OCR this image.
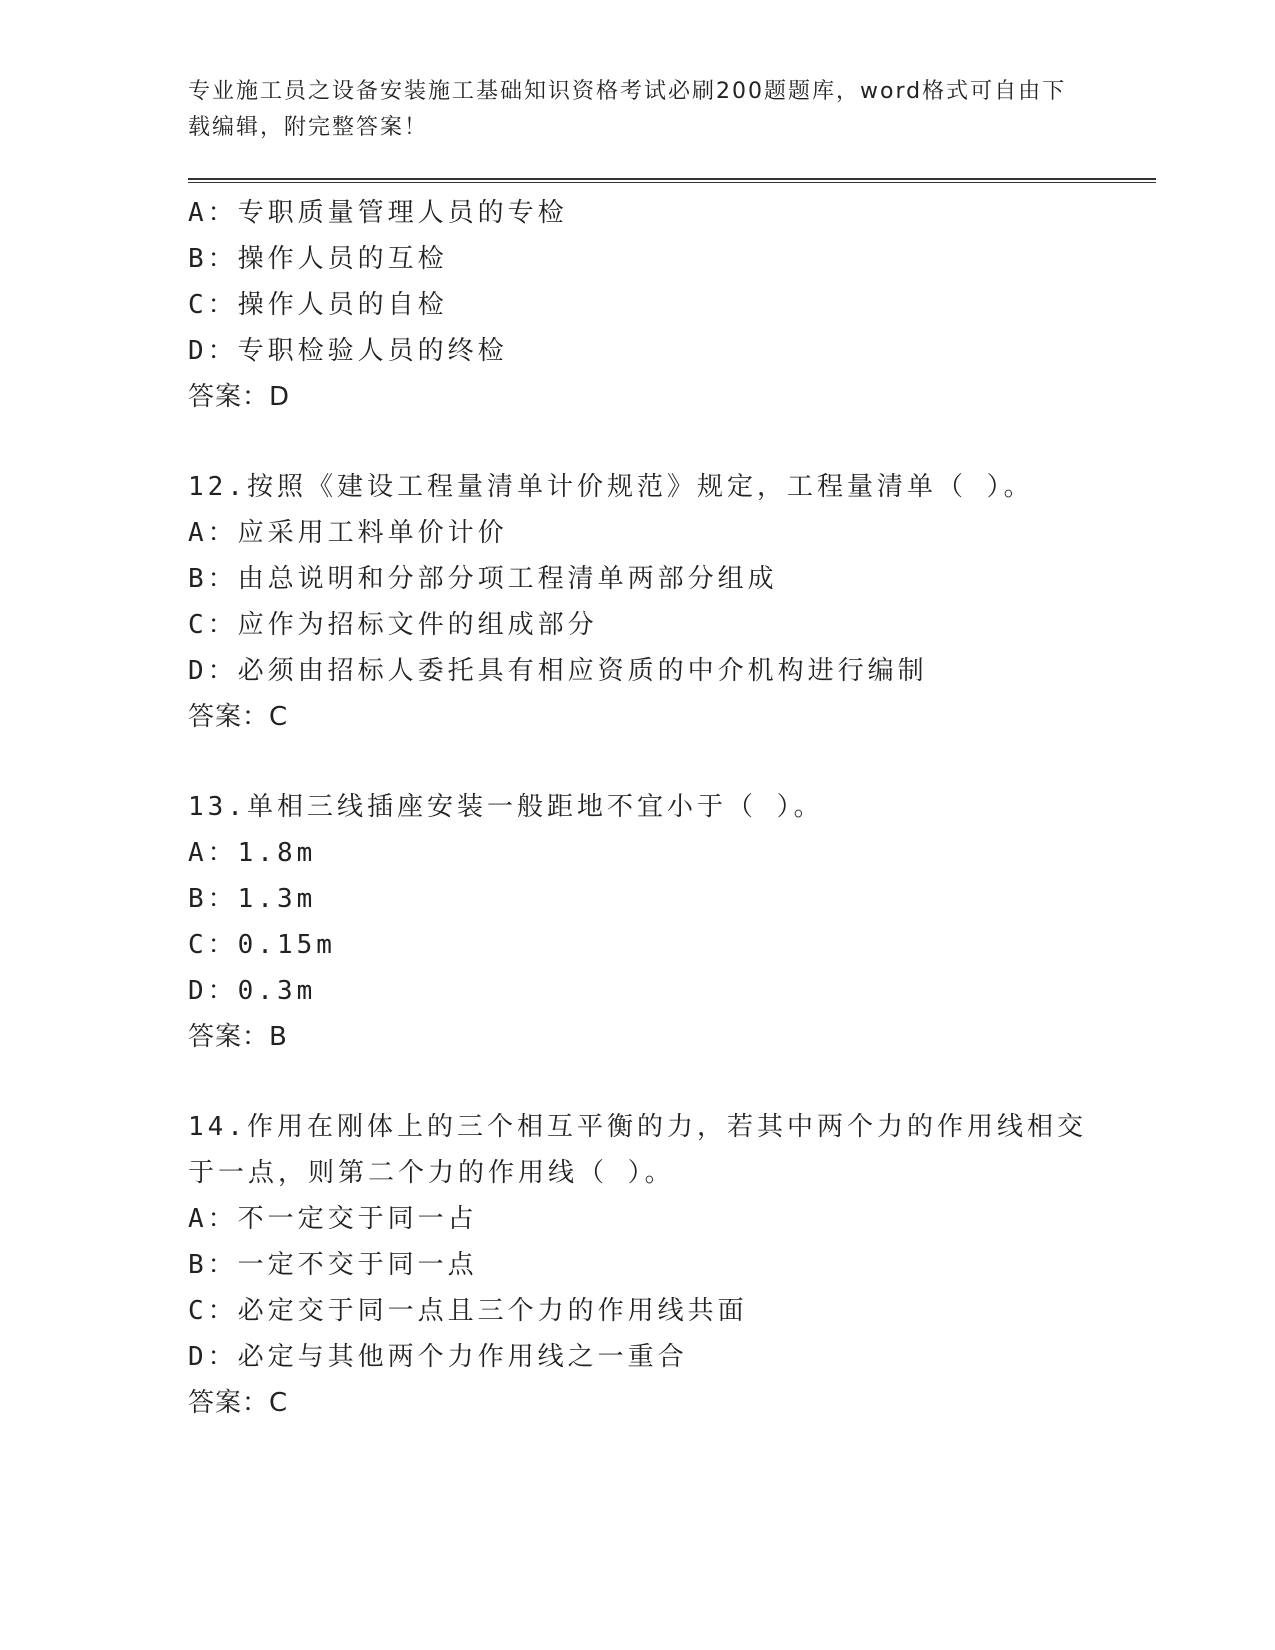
专业施工员之设备安装施工基础知识资格考试必刷200题题库，word格式可自由下载编辑，附完整答案！
A：专职质量管理人员的专检
B：操作人员的互检
C：操作人员的自检
D：专职检验人员的终检
答案：D
12.按照《建设工程量清单计价规范》规定，工程量清单（ ）。
A：应采用工料单价计价
B：由总说明和分部分项工程清单两部分组成
C：应作为招标文件的组成部分
D：必须由招标人委托具有相应资质的中介机构进行编制
答案：C
13.单相三线插座安装一般距地不宜小于（ ）。
A：1.8m
B：1.3m
C：0.15m
D：0.3m
答案：B
14.作用在刚体上的三个相互平衡的力，若其中两个力的作用线相交于一点，则第二个力的作用线（ ）。
A：不一定交于同一占
B：一定不交于同一点
C：必定交于同一点且三个力的作用线共面
D：必定与其他两个力作用线之一重合
答案：C
